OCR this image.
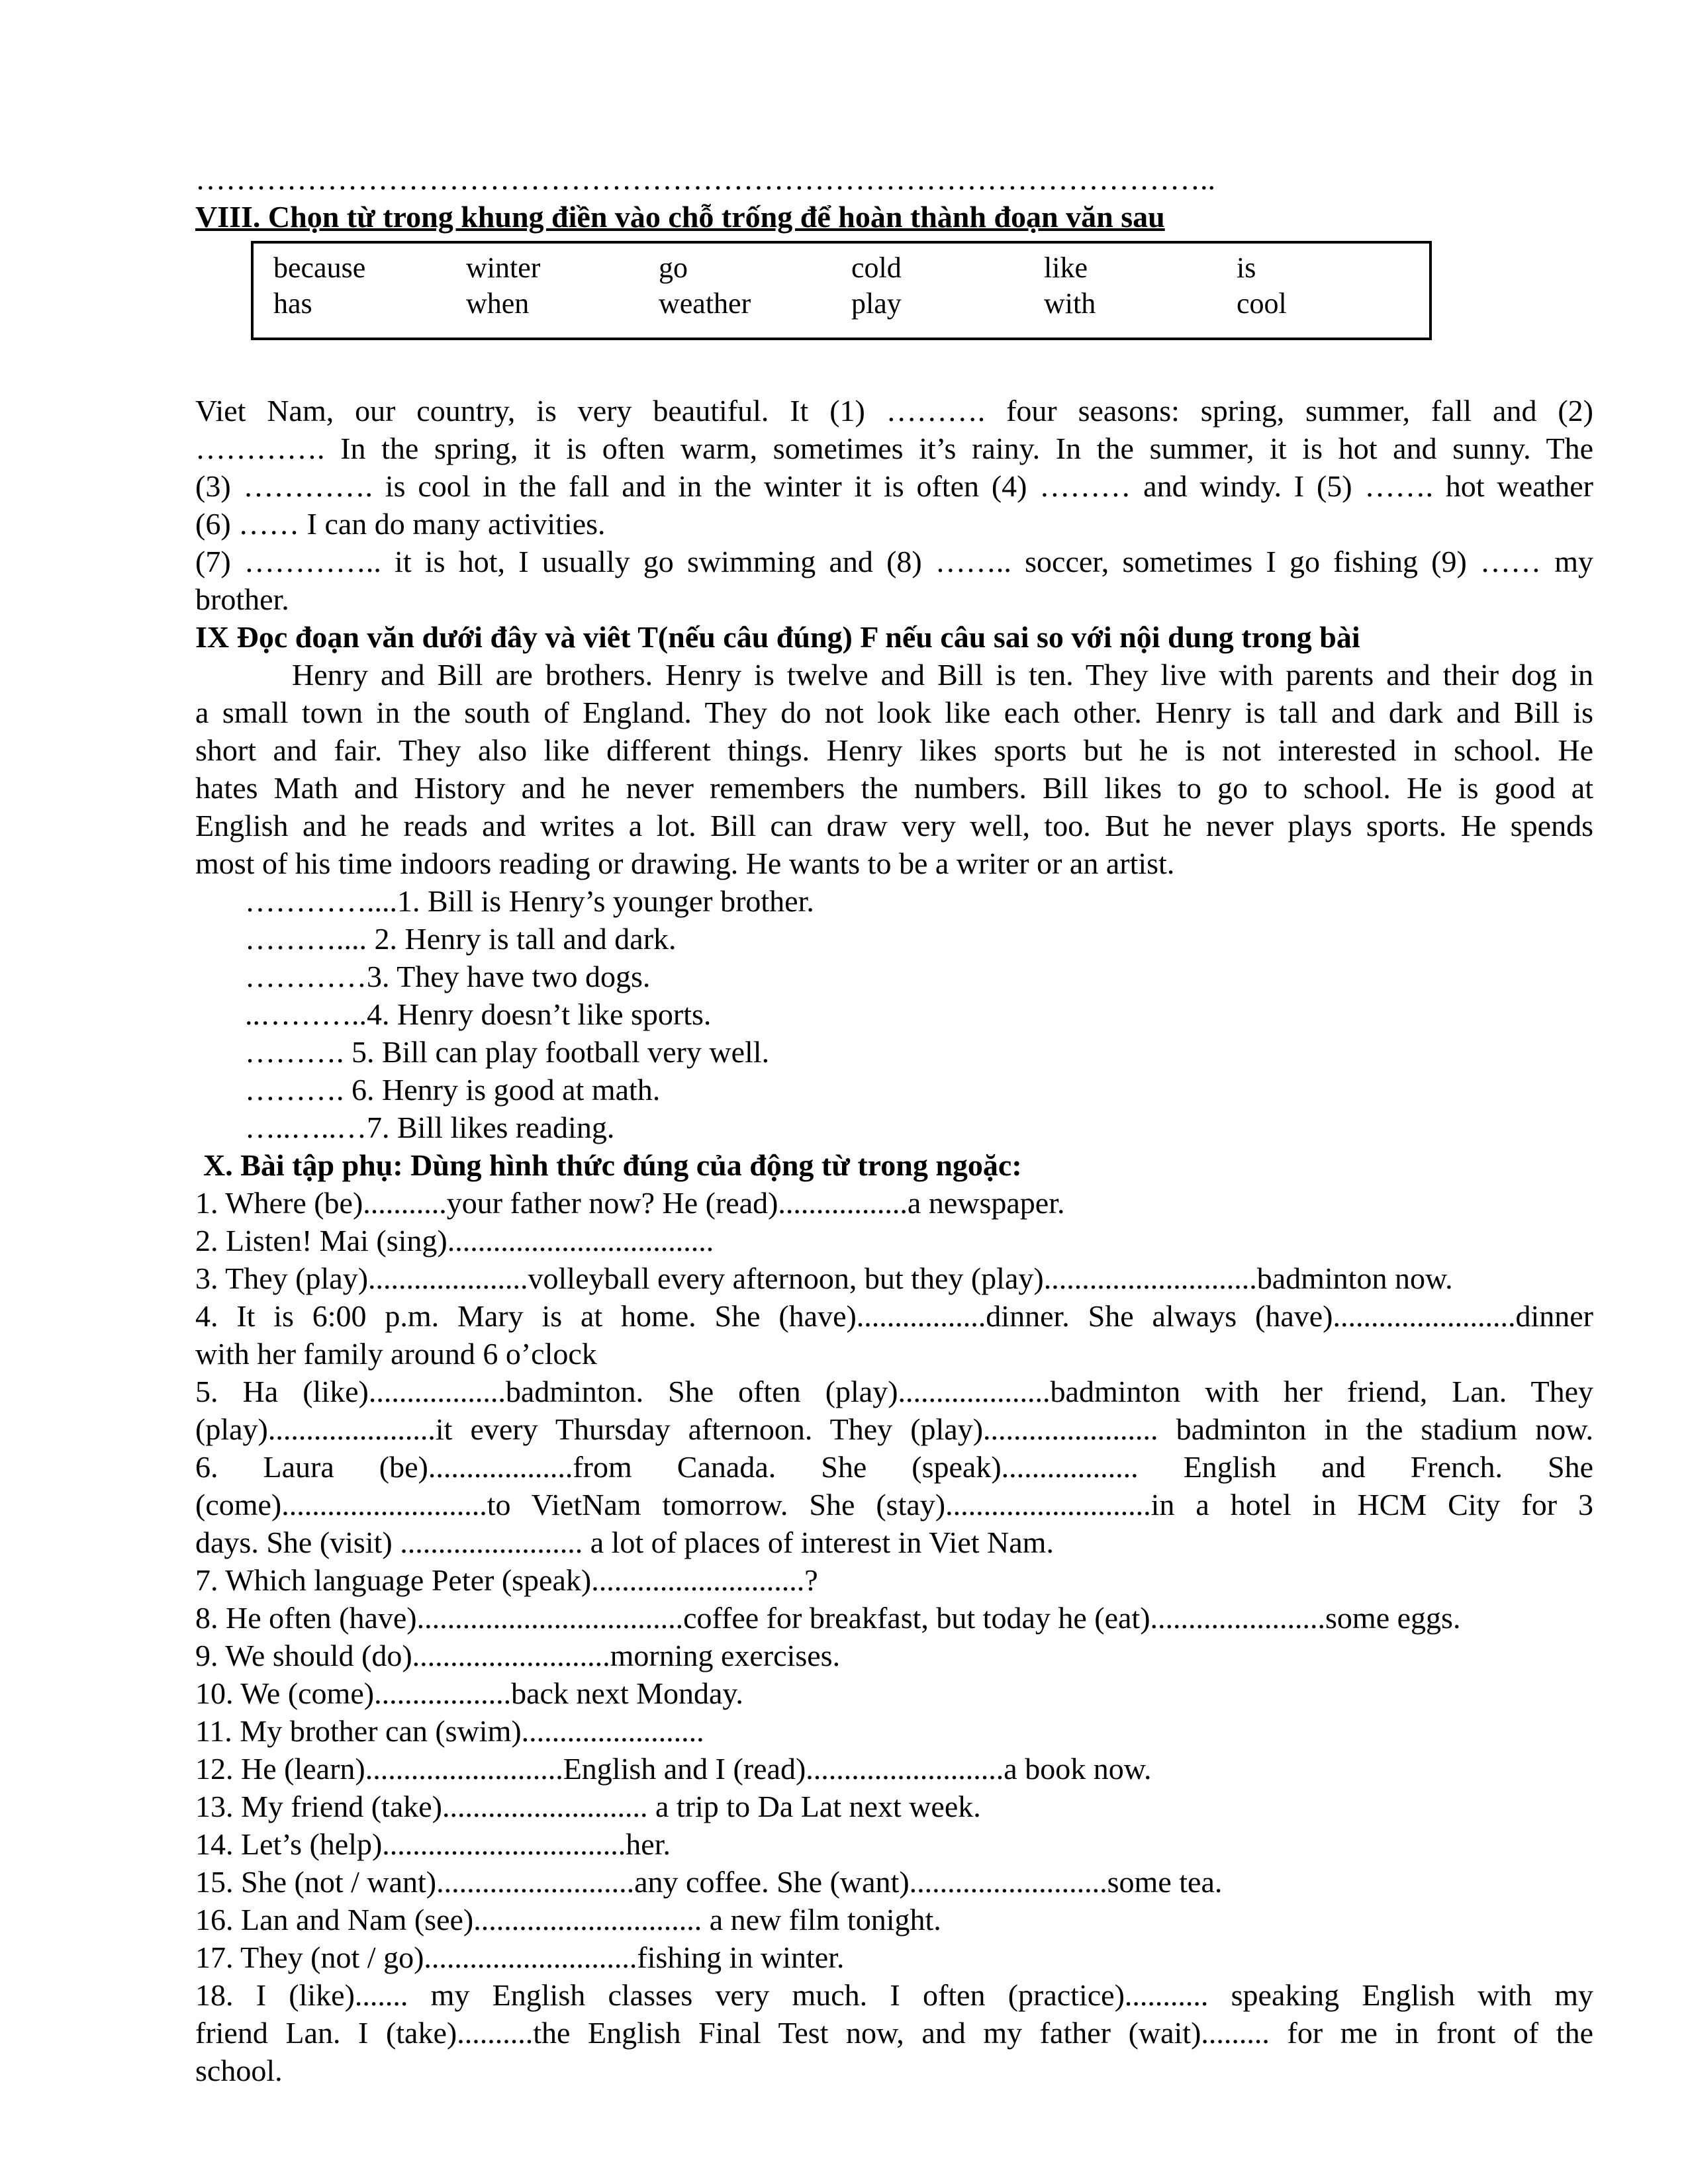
………………………………………………………………………………………..
VIII. Chọn từ trong khung điền vào chỗ trống để hoàn thành đoạn văn sau
because	winter	go	cold	like	is
has	when	weather	play	with	cool
Viet Nam, our country, is very beautiful. It (1) ………. four seasons: spring, summer, fall and (2)
…………. In the spring, it is often warm, sometimes it’s rainy. In the summer, it is hot and sunny. The
(3) …………. is cool in the fall and in the winter it is often (4) ……… and windy. I (5) ……. hot weather
(6) …… I can do many activities.
(7) ………….. it is hot, I usually go swimming and (8) …….. soccer, sometimes I go fishing (9) …… my
brother.
IX Đọc đoạn văn dưới đây và viêt T(nếu câu đúng) F nếu câu sai so với nội dung trong bài
Henry and Bill are brothers. Henry is twelve and Bill is ten. They live with parents and their dog in
a small town in the south of England. They do not look like each other. Henry is tall and dark and Bill is
short and fair. They also like different things. Henry likes sports but he is not interested in school. He
hates Math and History and he never remembers the numbers. Bill likes to go to school. He is good at
English and he reads and writes a lot. Bill can draw very well, too. But he never plays sports. He spends
most of his time indoors reading or drawing. He wants to be a writer or an artist.
…………....1. Bill is Henry’s younger brother.
……….... 2. Henry is tall and dark.
…………3. They have two dogs.
..………..4. Henry doesn’t like sports.
………. 5. Bill can play football very well.
………. 6. Henry is good at math.
…..…..…7. Bill likes reading.
X. Bài tập phụ: Dùng hình thức đúng của động từ trong ngoặc:
1. Where (be)...........your father now? He (read).................a newspaper.
2. Listen! Mai (sing)...................................
3. They (play).....................volleyball every afternoon, but they (play)............................badminton now.
4. It is 6:00 p.m. Mary is at home. She (have).................dinner. She always (have)........................dinner
with her family around 6 o’clock
5. Ha (like)..................badminton. She often (play)....................badminton with her friend, Lan. They
(play)......................it every Thursday afternoon. They (play)....................... badminton in the stadium now.
6. Laura (be)...................from Canada. She (speak).................. English and French. She
(come)...........................to VietNam tomorrow. She (stay)...........................in a hotel in HCM City for 3
days. She (visit) ........................ a lot of places of interest in Viet Nam.
7. Which language Peter (speak)............................?
8. He often (have)...................................coffee for breakfast, but today he (eat).......................some eggs.
9. We should (do)..........................morning exercises.
10. We (come)..................back next Monday.
11. My brother can (swim)........................
12. He (learn)..........................English and I (read)..........................a book now.
13. My friend (take)........................... a trip to Da Lat next week.
14. Let’s (help)................................her.
15. She (not / want)..........................any coffee. She (want)..........................some tea.
16. Lan and Nam (see).............................. a new film tonight.
17. They (not / go)............................fishing in winter.
18. I (like)....... my English classes very much. I often (practice)........... speaking English with my
friend Lan. I (take)..........the English Final Test now, and my father (wait)......... for me in front of the
school.
